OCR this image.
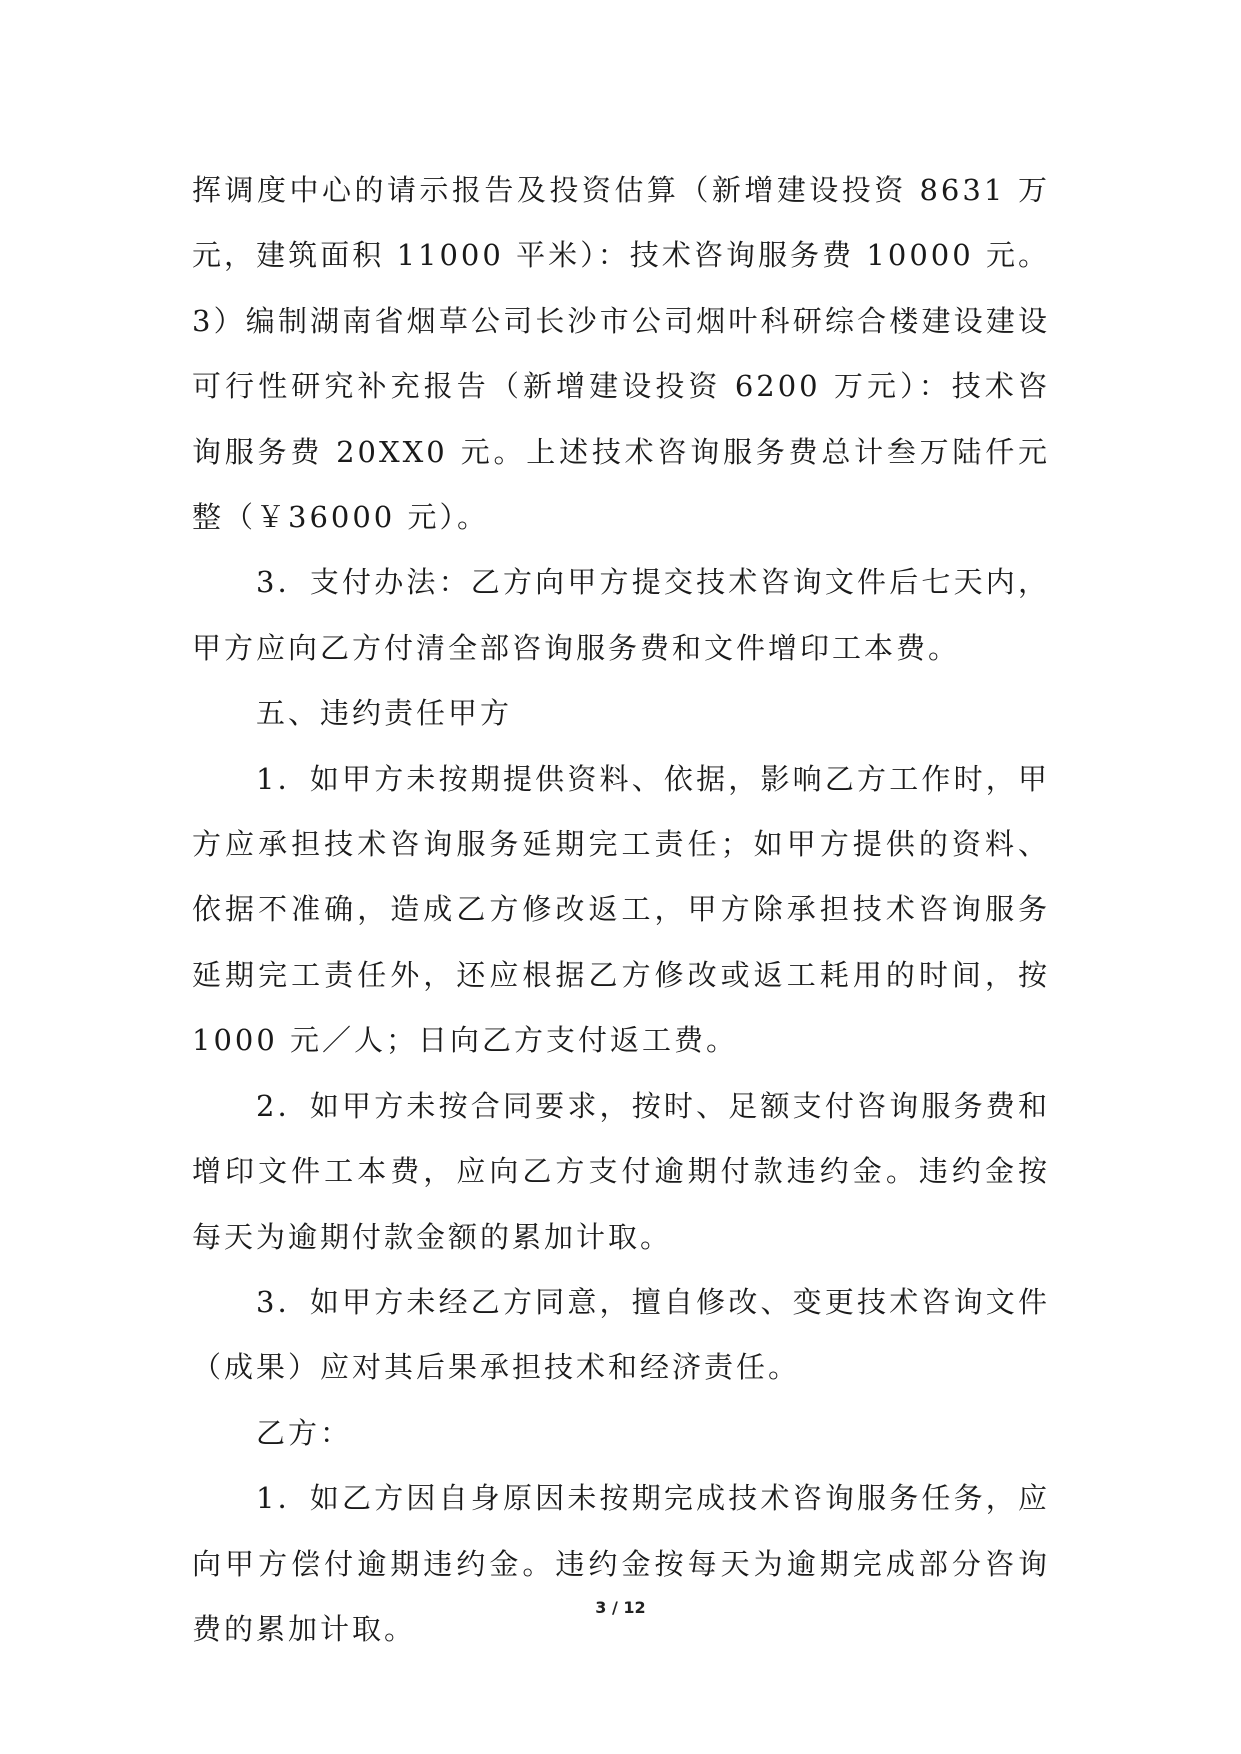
挥调度中心的请示报告及投资估算（新增建设投资 8631 万元，建筑面积 11000 平米）：技术咨询服务费 10000 元。3）编制湖南省烟草公司长沙市公司烟叶科研综合楼建设建设可行性研究补充报告（新增建设投资 6200 万元）：技术咨询服务费 20XX0 元。上述技术咨询服务费总计叁万陆仟元整（￥36000 元）。

3．支付办法：乙方向甲方提交技术咨询文件后七天内，甲方应向乙方付清全部咨询服务费和文件增印工本费。

五、违约责任甲方

1．如甲方未按期提供资料、依据，影响乙方工作时，甲方应承担技术咨询服务延期完工责任；如甲方提供的资料、依据不准确，造成乙方修改返工，甲方除承担技术咨询服务延期完工责任外，还应根据乙方修改或返工耗用的时间，按 1000 元／人；日向乙方支付返工费。

2．如甲方未按合同要求，按时、足额支付咨询服务费和增印文件工本费，应向乙方支付逾期付款违约金。违约金按每天为逾期付款金额的累加计取。

3．如甲方未经乙方同意，擅自修改、变更技术咨询文件（成果）应对其后果承担技术和经济责任。

乙方：

1．如乙方因自身原因未按期完成技术咨询服务任务，应向甲方偿付逾期违约金。违约金按每天为逾期完成部分咨询费的累加计取。

3 / 12
